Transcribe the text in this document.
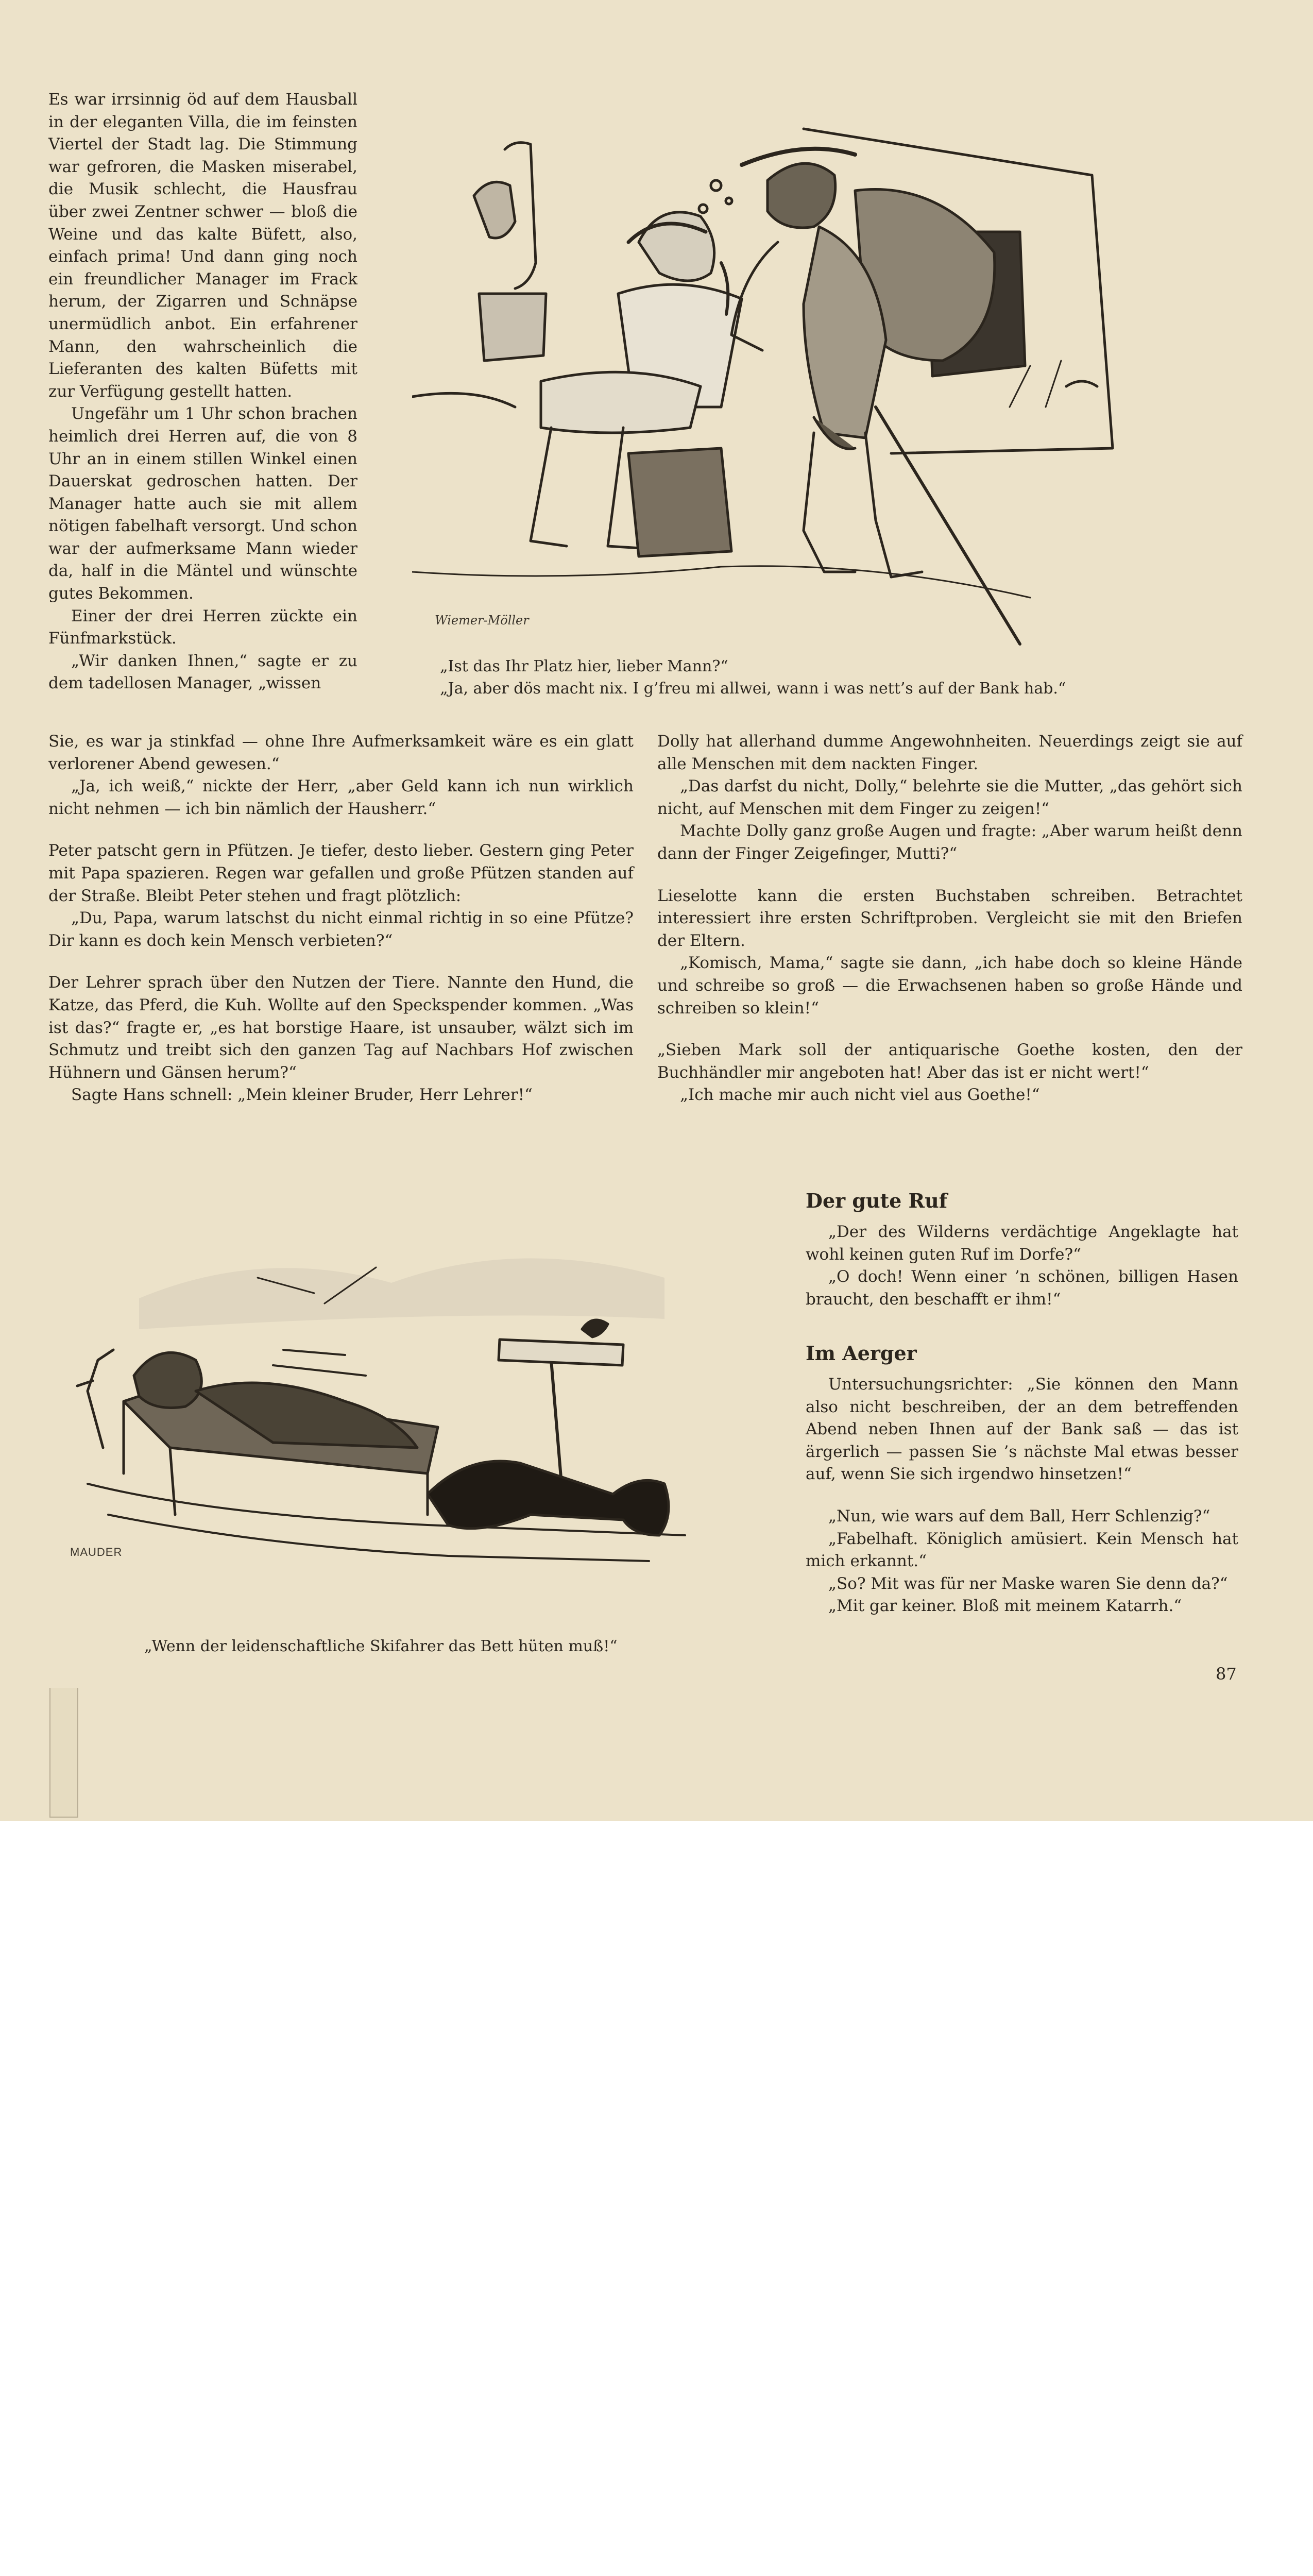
Wiemer-Möller

Es war irrsinnig öd auf dem Hausball in der eleganten Villa, die im feinsten Viertel der Stadt lag. Die Stimmung war gefroren, die Masken miserabel, die Musik schlecht, die Hausfrau über zwei Zentner schwer — bloß die Weine und das kalte Büfett, also, einfach prima! Und dann ging noch ein freundlicher Manager im Frack herum, der Zigarren und Schnäpse unermüdlich anbot. Ein erfahrener Mann, den wahrscheinlich die Lieferanten des kalten Büfetts mit zur Verfügung gestellt hatten.

Ungefähr um 1 Uhr schon brachen heimlich drei Herren auf, die von 8 Uhr an in einem stillen Winkel einen Dauerskat gedroschen hatten. Der Manager hatte auch sie mit allem nötigen fabelhaft versorgt. Und schon war der aufmerksame Mann wieder da, half in die Mäntel und wünschte gutes Bekommen.

Einer der drei Herren zückte ein Fünfmarkstück.

„Wir danken Ihnen,“ sagte er zu dem tadellosen Manager, „wissen

„Ist das Ihr Platz hier, lieber Mann?“
„Ja, aber dös macht nix. I g’freu mi allwei, wann i was nett’s auf der Bank hab.“

Sie, es war ja stinkfad — ohne Ihre Aufmerksamkeit wäre es ein glatt verlorener Abend gewesen.“

„Ja, ich weiß,“ nickte der Herr, „aber Geld kann ich nun wirklich nicht nehmen — ich bin nämlich der Hausherr.“

Peter patscht gern in Pfützen. Je tiefer, desto lieber. Gestern ging Peter mit Papa spazieren. Regen war gefallen und große Pfützen standen auf der Straße. Bleibt Peter stehen und fragt plötzlich:

„Du, Papa, warum latschst du nicht einmal richtig in so eine Pfütze? Dir kann es doch kein Mensch verbieten?“

Der Lehrer sprach über den Nutzen der Tiere. Nannte den Hund, die Katze, das Pferd, die Kuh. Wollte auf den Speckspender kommen. „Was ist das?“ fragte er, „es hat borstige Haare, ist unsauber, wälzt sich im Schmutz und treibt sich den ganzen Tag auf Nachbars Hof zwischen Hühnern und Gänsen herum?“

Sagte Hans schnell: „Mein kleiner Bruder, Herr Lehrer!“

Dolly hat allerhand dumme Angewohnheiten. Neuerdings zeigt sie auf alle Menschen mit dem nackten Finger.

„Das darfst du nicht, Dolly,“ belehrte sie die Mutter, „das gehört sich nicht, auf Menschen mit dem Finger zu zeigen!“

Machte Dolly ganz große Augen und fragte: „Aber warum heißt denn dann der Finger Zeigefinger, Mutti?“

Lieselotte kann die ersten Buchstaben schreiben. Betrachtet interessiert ihre ersten Schriftproben. Vergleicht sie mit den Briefen der Eltern.

„Komisch, Mama,“ sagte sie dann, „ich habe doch so kleine Hände und schreibe so groß — die Erwachsenen haben so große Hände und schreiben so klein!“

„Sieben Mark soll der antiquarische Goethe kosten, den der Buchhändler mir angeboten hat! Aber das ist er nicht wert!“

„Ich mache mir auch nicht viel aus Goethe!“

Der gute Ruf

„Der des Wilderns verdächtige Angeklagte hat wohl keinen guten Ruf im Dorfe?“

„O doch! Wenn einer ’n schönen, billigen Hasen braucht, den beschafft er ihm!“

Im Aerger

Untersuchungsrichter: „Sie können den Mann also nicht beschreiben, der an dem betreffenden Abend neben Ihnen auf der Bank saß — das ist ärgerlich — passen Sie ’s nächste Mal etwas besser auf, wenn Sie sich irgendwo hinsetzen!“

„Nun, wie wars auf dem Ball, Herr Schlenzig?“

„Fabelhaft. Königlich amüsiert. Kein Mensch hat mich erkannt.“

„So? Mit was für ner Maske waren Sie denn da?“

„Mit gar keiner. Bloß mit meinem Katarrh.“

MAUDER
„Wenn der leidenschaftliche Skifahrer das Bett hüten muß!“
87
